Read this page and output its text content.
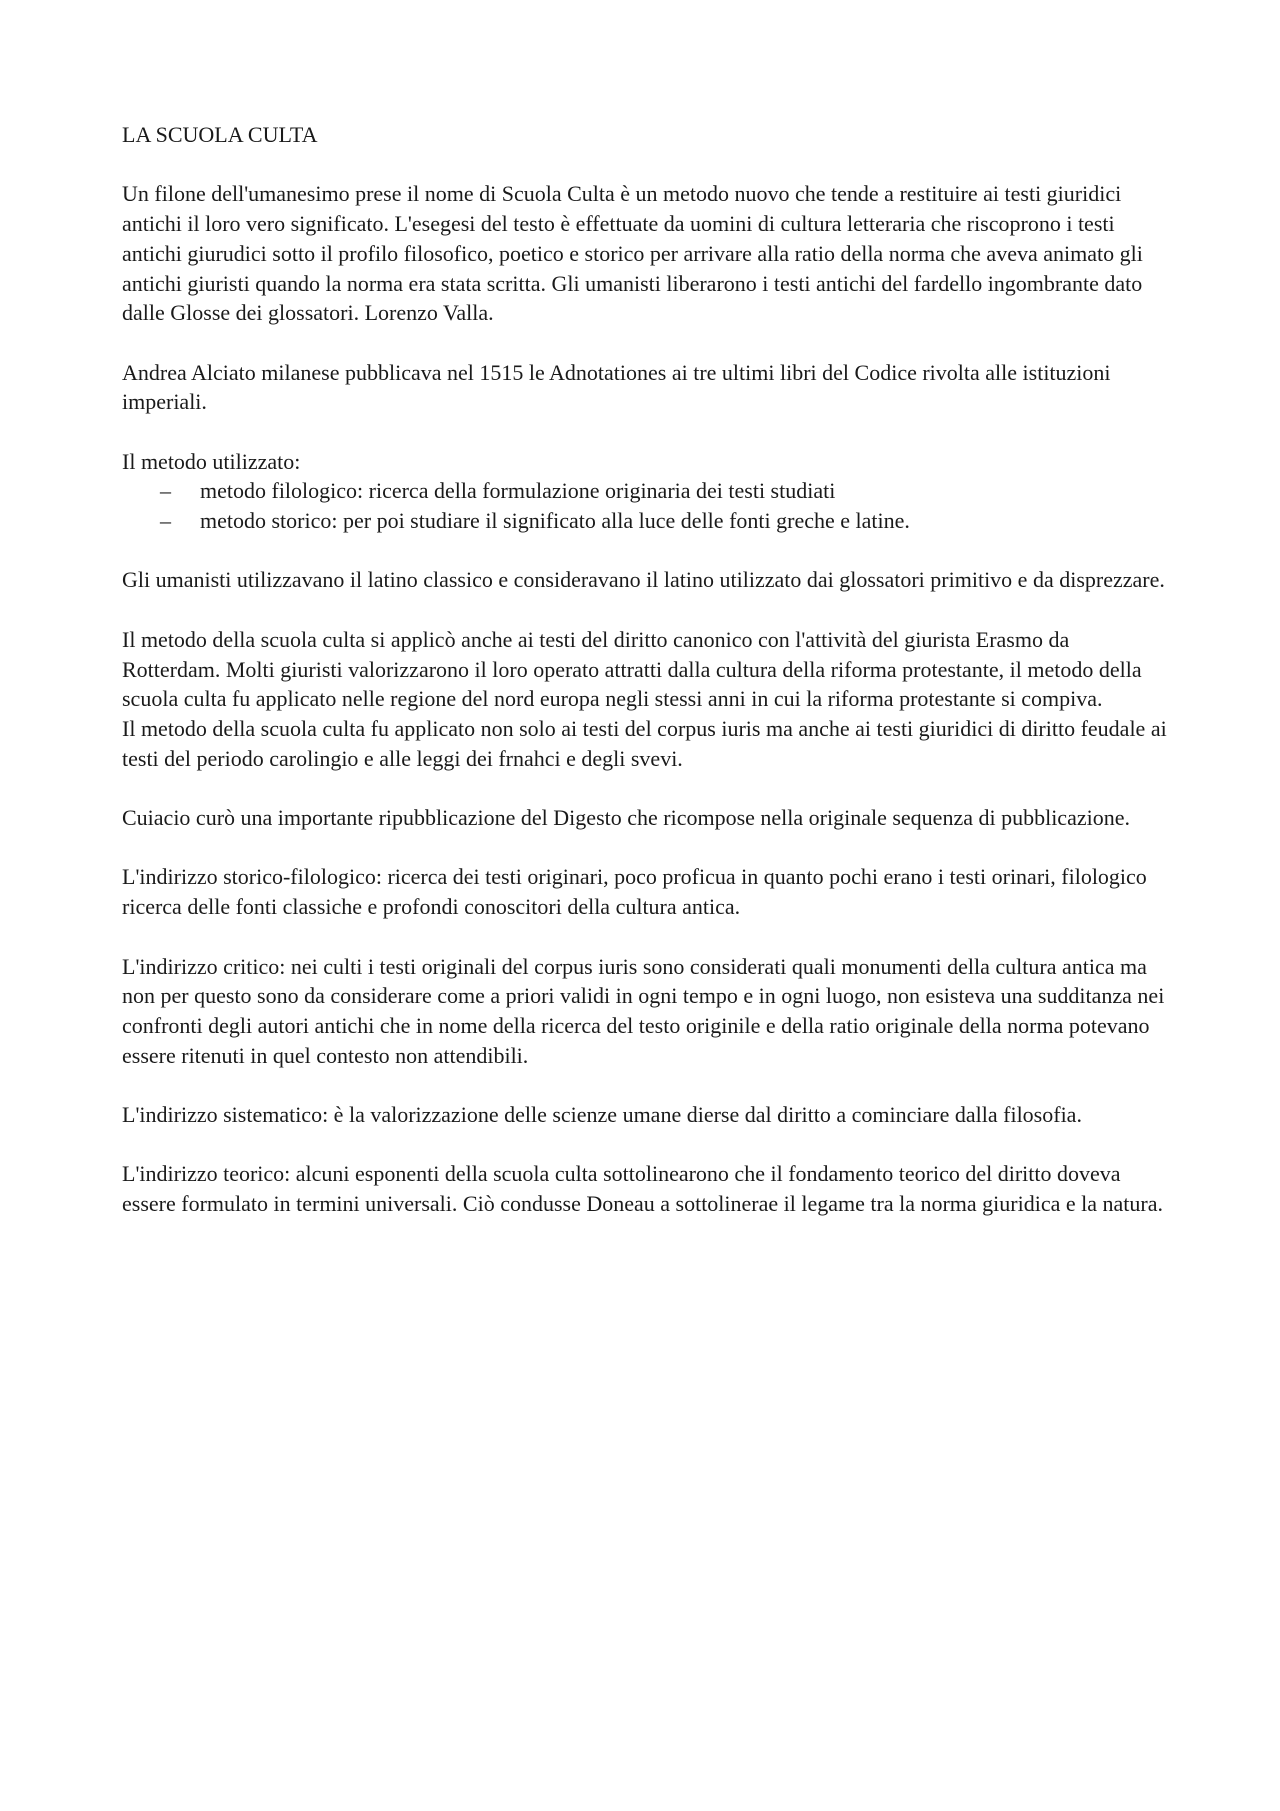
LA SCUOLA CULTA

Un filone dell'umanesimo prese il nome di Scuola Culta è un metodo nuovo che tende a restituire ai testi giuridici antichi il loro vero significato. L'esegesi del testo è effettuate da uomini di cultura letteraria che riscoprono i testi antichi giurudici sotto il profilo filosofico, poetico e storico per arrivare alla ratio della norma che aveva animato gli antichi giuristi quando la norma era stata scritta. Gli umanisti liberarono i testi antichi del fardello ingombrante dato dalle Glosse dei glossatori. Lorenzo Valla.

Andrea Alciato milanese pubblicava nel 1515 le Adnotationes ai tre ultimi libri del Codice rivolta alle istituzioni imperiali.

Il metodo utilizzato:

– metodo filologico: ricerca della formulazione originaria dei testi studiati
– metodo storico: per poi studiare il significato alla luce delle fonti greche e latine.

Gli umanisti utilizzavano il latino classico e consideravano il latino utilizzato dai glossatori primitivo e da disprezzare.

Il metodo della scuola culta si applicò anche ai testi del diritto canonico con l'attività del giurista Erasmo da Rotterdam. Molti giuristi valorizzarono il loro operato attratti dalla cultura della riforma protestante, il metodo della scuola culta fu applicato nelle regione del nord europa negli stessi anni in cui la riforma protestante si compiva.

Il metodo della scuola culta fu applicato non solo ai testi del corpus iuris ma anche ai testi giuridici di diritto feudale ai testi del periodo carolingio e alle leggi dei frnahci e degli svevi.

Cuiacio curò una importante ripubblicazione del Digesto che ricompose nella originale sequenza di pubblicazione.

L'indirizzo storico-filologico: ricerca dei testi originari, poco proficua in quanto pochi erano i testi orinari, filologico ricerca delle fonti classiche e profondi conoscitori della cultura antica.

L'indirizzo critico: nei culti i testi originali del corpus iuris sono considerati quali monumenti della cultura antica ma non per questo sono da considerare come a priori validi in ogni tempo e in ogni luogo, non esisteva una sudditanza nei confronti degli autori antichi che in nome della ricerca del testo originile e della ratio originale della norma potevano essere ritenuti in quel contesto non attendibili.

L'indirizzo sistematico: è la valorizzazione delle scienze umane dierse dal diritto a cominciare dalla filosofia.

L'indirizzo teorico: alcuni esponenti della scuola culta sottolinearono che il fondamento teorico del diritto doveva essere formulato in termini universali. Ciò condusse Doneau a sottolinerae il legame tra la norma giuridica e la natura.
